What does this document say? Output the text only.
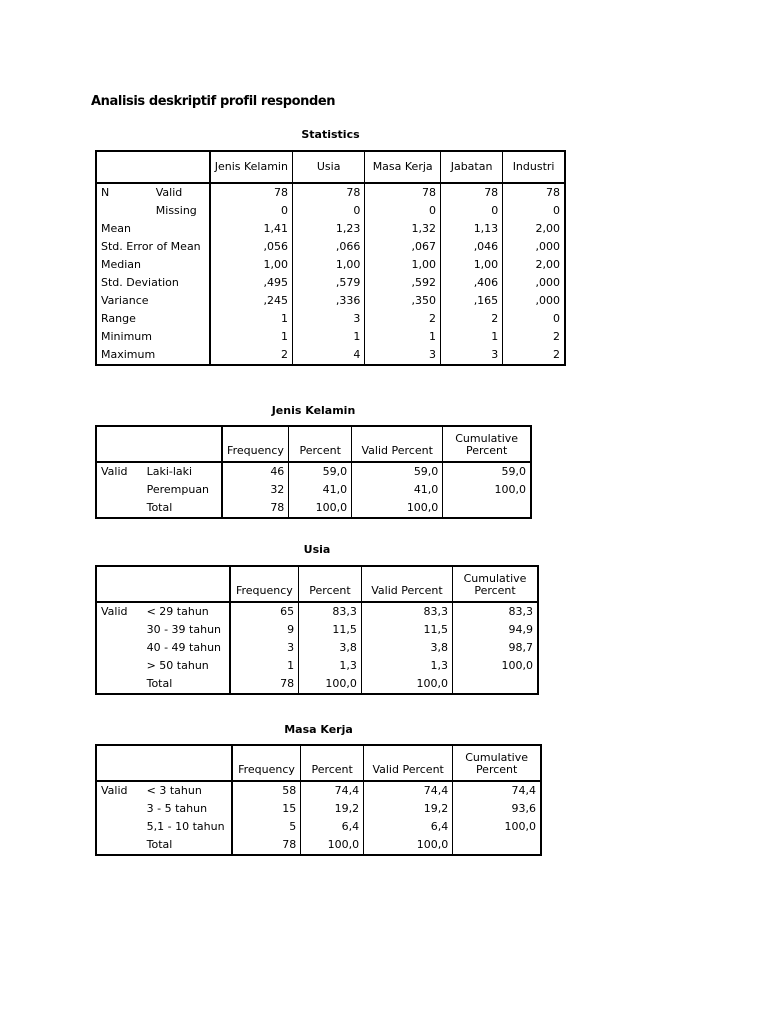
Analisis deskriptif profil responden
Statistics
		Jenis Kelamin	Usia	Masa Kerja	Jabatan	Industri
N	Valid	78	78	78	78	78
	Missing	0	0	0	0	0
Mean		1,41	1,23	1,32	1,13	2,00
Std. Error of Mean		,056	,066	,067	,046	,000
Median		1,00	1,00	1,00	1,00	2,00
Std. Deviation		,495	,579	,592	,406	,000
Variance		,245	,336	,350	,165	,000
Range		1	3	2	2	0
Minimum		1	1	1	1	2
Maximum		2	4	3	3	2
Jenis Kelamin
		Frequency	Percent	Valid Percent	Cumulative Percent
Valid	Laki-laki	46	59,0	59,0	59,0
	Perempuan	32	41,0	41,0	100,0
	Total	78	100,0	100,0	
Usia
		Frequency	Percent	Valid Percent	Cumulative Percent
Valid	< 29 tahun	65	83,3	83,3	83,3
	30 - 39 tahun	9	11,5	11,5	94,9
	40 - 49 tahun	3	3,8	3,8	98,7
	> 50 tahun	1	1,3	1,3	100,0
	Total	78	100,0	100,0	
Masa Kerja
		Frequency	Percent	Valid Percent	Cumulative Percent
Valid	< 3 tahun	58	74,4	74,4	74,4
	3 - 5 tahun	15	19,2	19,2	93,6
	5,1 - 10 tahun	5	6,4	6,4	100,0
	Total	78	100,0	100,0	
